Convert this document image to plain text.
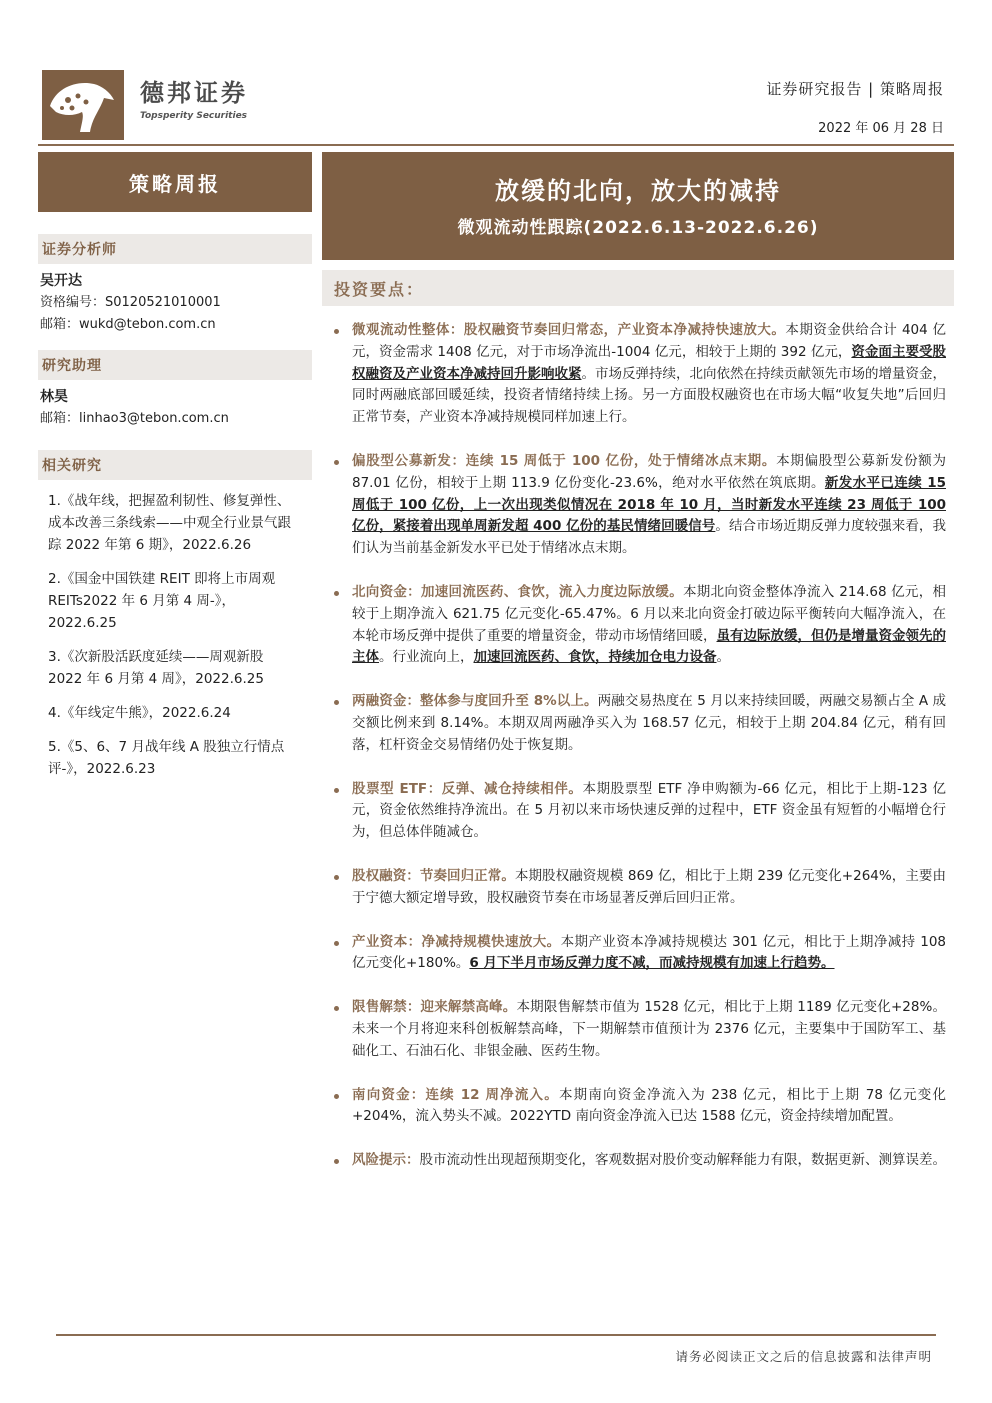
德邦证券
Topsperity Securities
证券研究报告 | 策略周报
2022 年 06 月 28 日
策略周报
证券分析师
吴开达
资格编号：S0120521010001
邮箱：wukd@tebon.com.cn
研究助理
林昊
邮箱：linhao3@tebon.com.cn
相关研究
1.《战年线，把握盈利韧性、修复弹性、成本改善三条线索——中观全行业景气跟踪 2022 年第 6 期》，2022.6.26
2.《国金中国铁建 REIT 即将上市周观 REITs2022 年 6 月第 4 周-》，2022.6.25
3.《次新股活跃度延续——周观新股 2022 年 6 月第 4 周》，2022.6.25
4.《年线定牛熊》，2022.6.24
5.《5、6、7 月战年线 A 股独立行情点评-》，2022.6.23
放缓的北向，放大的减持
微观流动性跟踪(2022.6.13-2022.6.26)
投资要点：
微观流动性整体：股权融资节奏回归常态，产业资本净减持快速放大。本期资金供给合计 404 亿元，资金需求 1408 亿元，对于市场净流出-1004 亿元，相较于上期的 392 亿元，资金面主要受股权融资及产业资本净减持回升影响收紧。市场反弹持续，北向依然在持续贡献领先市场的增量资金，同时两融底部回暖延续，投资者情绪持续上扬。另一方面股权融资也在市场大幅“收复失地”后回归正常节奏，产业资本净减持规模同样加速上行。
偏股型公募新发：连续 15 周低于 100 亿份，处于情绪冰点末期。本期偏股型公募新发份额为 87.01 亿份，相较于上期 113.9 亿份变化-23.6%，绝对水平依然在筑底期。新发水平已连续 15 周低于 100 亿份，上一次出现类似情况在 2018 年 10 月，当时新发水平连续 23 周低于 100 亿份，紧接着出现单周新发超 400 亿份的基民情绪回暖信号。结合市场近期反弹力度较强来看，我们认为当前基金新发水平已处于情绪冰点末期。
北向资金：加速回流医药、食饮，流入力度边际放缓。本期北向资金整体净流入 214.68 亿元，相较于上期净流入 621.75 亿元变化-65.47%。6 月以来北向资金打破边际平衡转向大幅净流入，在本轮市场反弹中提供了重要的增量资金，带动市场情绪回暖，虽有边际放缓，但仍是增量资金领先的主体。行业流向上，加速回流医药、食饮，持续加仓电力设备。
两融资金：整体参与度回升至 8%以上。两融交易热度在 5 月以来持续回暖，两融交易额占全 A 成交额比例来到 8.14%。本期双周两融净买入为 168.57 亿元，相较于上期 204.84 亿元，稍有回落，杠杆资金交易情绪仍处于恢复期。
股票型 ETF：反弹、减仓持续相伴。本期股票型 ETF 净申购额为-66 亿元，相比于上期-123 亿元，资金依然维持净流出。在 5 月初以来市场快速反弹的过程中，ETF 资金虽有短暂的小幅增仓行为，但总体伴随减仓。
股权融资：节奏回归正常。本期股权融资规模 869 亿，相比于上期 239 亿元变化+264%，主要由于宁德大额定增导致，股权融资节奏在市场显著反弹后回归正常。
产业资本：净减持规模快速放大。本期产业资本净减持规模达 301 亿元，相比于上期净减持 108 亿元变化+180%。6 月下半月市场反弹力度不减，而减持规模有加速上行趋势。
限售解禁：迎来解禁高峰。本期限售解禁市值为 1528 亿元，相比于上期 1189 亿元变化+28%。未来一个月将迎来科创板解禁高峰，下一期解禁市值预计为 2376 亿元，主要集中于国防军工、基础化工、石油石化、非银金融、医药生物。
南向资金：连续 12 周净流入。本期南向资金净流入为 238 亿元，相比于上期 78 亿元变化+204%，流入势头不减。2022YTD 南向资金净流入已达 1588 亿元，资金持续增加配置。
风险提示：股市流动性出现超预期变化，客观数据对股价变动解释能力有限，数据更新、测算误差。
请务必阅读正文之后的信息披露和法律声明
